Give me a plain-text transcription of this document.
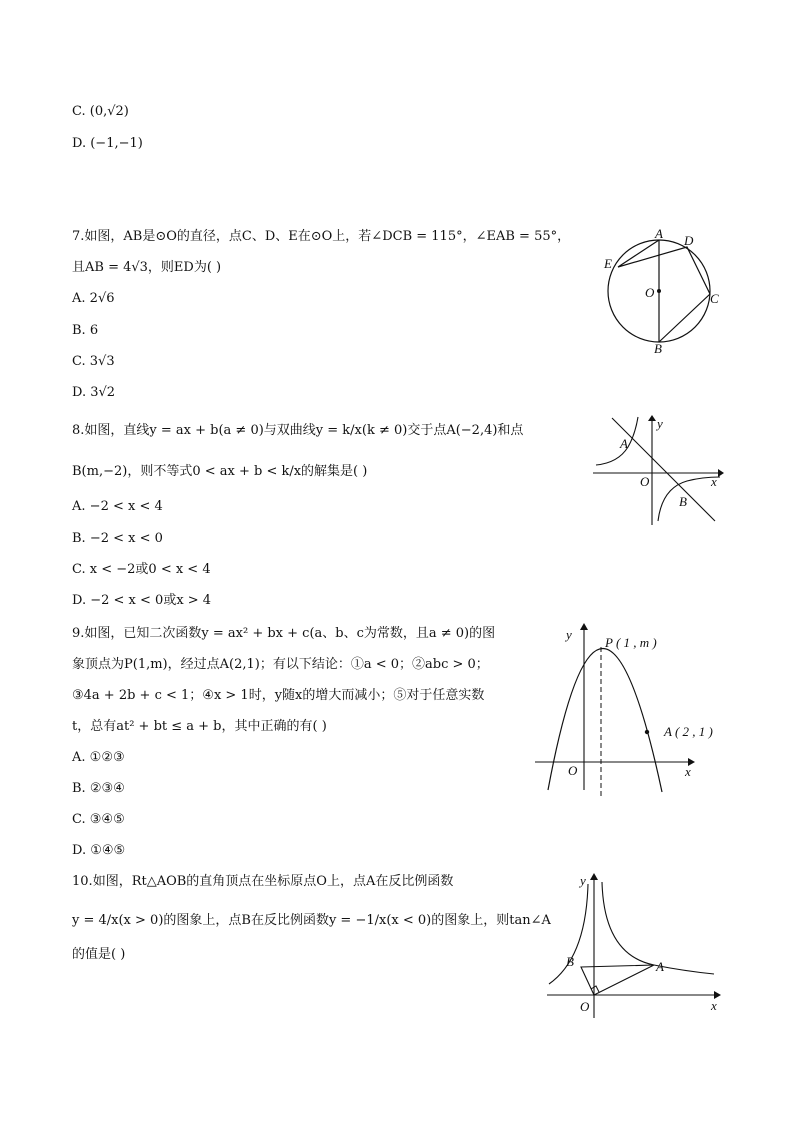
C. (0,√2)
D. (−1,−1)
7.如图，AB是⊙O的直径，点C、D、E在⊙O上，若∠DCB = 115°，∠EAB = 55°，
且AB = 4√3，则ED为( )
A. 2√6
B. 6
C. 3√3
D. 3√2
A D
E
O	C
B
8.如图，直线y = ax + b(a ≠ 0)与双曲线y = k/x(k ≠ 0)交于点A(−2,4)和点
B(m,−2)，则不等式0 < ax + b < k/x的解集是( )
A. −2 < x < 4
B. −2 < x < 0
C. x < −2或0 < x < 4
D. −2 < x < 0或x > 4
y
A
O	x
B
9.如图，已知二次函数y = ax² + bx + c(a、b、c为常数，且a ≠ 0)的图
象顶点为P(1,m)，经过点A(2,1)；有以下结论：①a < 0；②abc > 0；
③4a + 2b + c < 1；④x > 1时，y随x的增大而减小；⑤对于任意实数
t，总有at² + bt ≤ a + b，其中正确的有( )
A. ①②③
B. ②③④
C. ③④⑤
D. ①④⑤
y
P ( 1 , m )
A ( 2 , 1 )
O	x
10.如图，Rt△AOB的直角顶点在坐标原点O上，点A在反比例函数
y = 4/x(x > 0)的图象上，点B在反比例函数y = −1/x(x < 0)的图象上，则tan∠A
的值是( )
y
B	A
O	x
